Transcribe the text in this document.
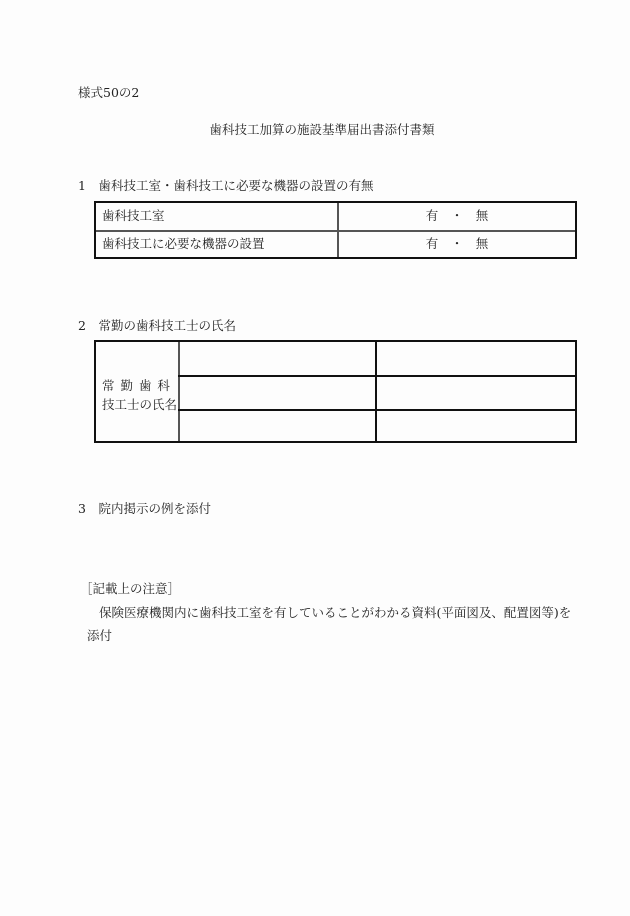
様式50の2
歯科技工加算の施設基準届出書添付書類
1　歯科技工室・歯科技工に必要な機器の設置の有無
歯科技工室	有　・　無
歯科技工に必要な機器の設置	有　・　無
2　常勤の歯科技工士の氏名
常 勤 歯 科
技工士の氏名
3　院内掲示の例を添付
［記載上の注意］
保険医療機関内に歯科技工室を有していることがわかる資料(平面図及、配置図等)を
添付
